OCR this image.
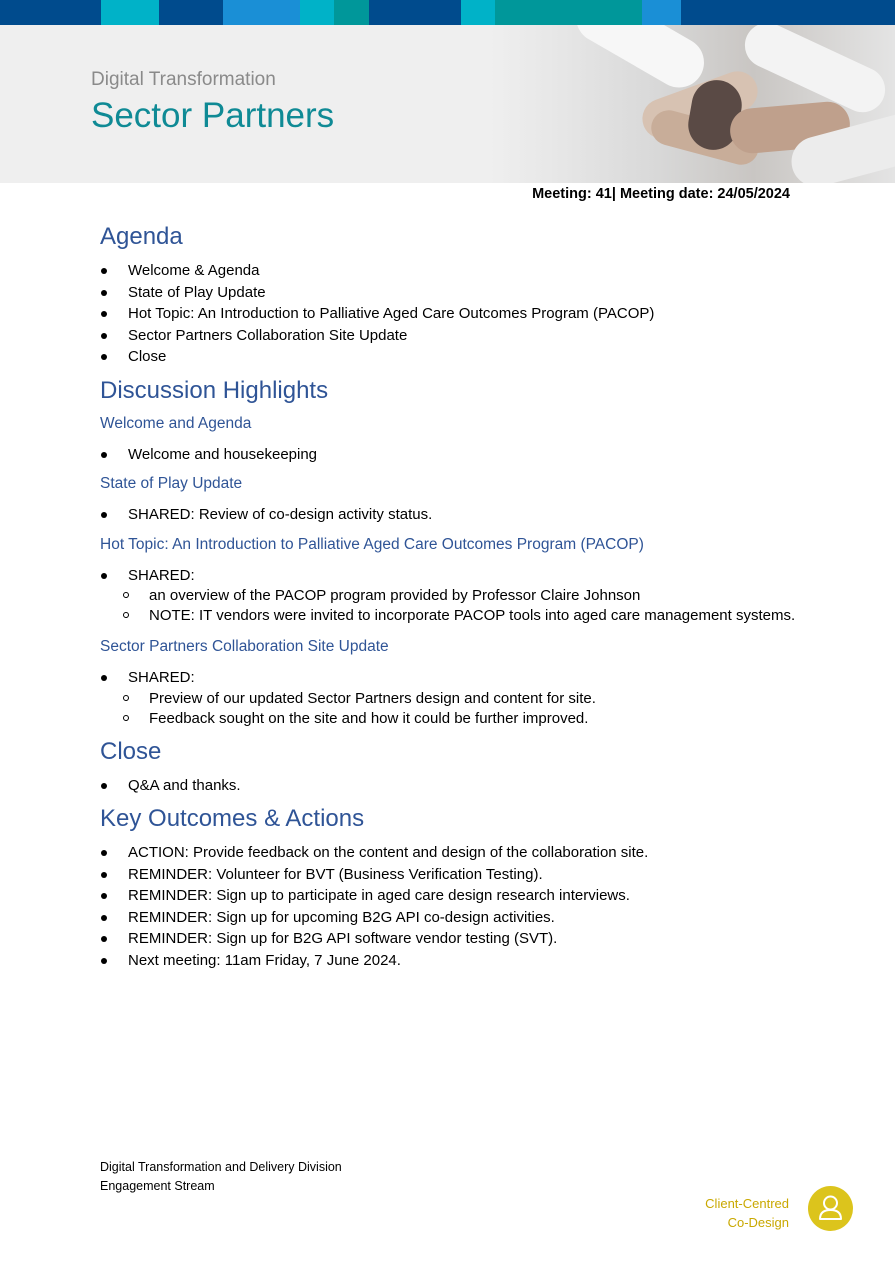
Digital Transformation
Sector Partners
Meeting: 41| Meeting date: 24/05/2024
Agenda
Welcome & Agenda
State of Play Update
Hot Topic: An Introduction to Palliative Aged Care Outcomes Program (PACOP)
Sector Partners Collaboration Site Update
Close
Discussion Highlights
Welcome and Agenda
Welcome and housekeeping
State of Play Update
SHARED: Review of co-design activity status.
Hot Topic: An Introduction to Palliative Aged Care Outcomes Program (PACOP)
SHARED:
an overview of the PACOP program provided by Professor Claire Johnson
NOTE: IT vendors were invited to incorporate PACOP tools into aged care management systems.
Sector Partners Collaboration Site Update
SHARED:
Preview of our updated Sector Partners design and content for site.
Feedback sought on the site and how it could be further improved.
Close
Q&A and thanks.
Key Outcomes & Actions
ACTION: Provide feedback on the content and design of the collaboration site.
REMINDER: Volunteer for BVT (Business Verification Testing).
REMINDER: Sign up to participate in aged care design research interviews.
REMINDER: Sign up for upcoming B2G API co-design activities.
REMINDER: Sign up for B2G API software vendor testing (SVT).
Next meeting: 11am Friday, 7 June 2024.
Digital Transformation and Delivery Division
Engagement Stream
Client-Centred
Co-Design
